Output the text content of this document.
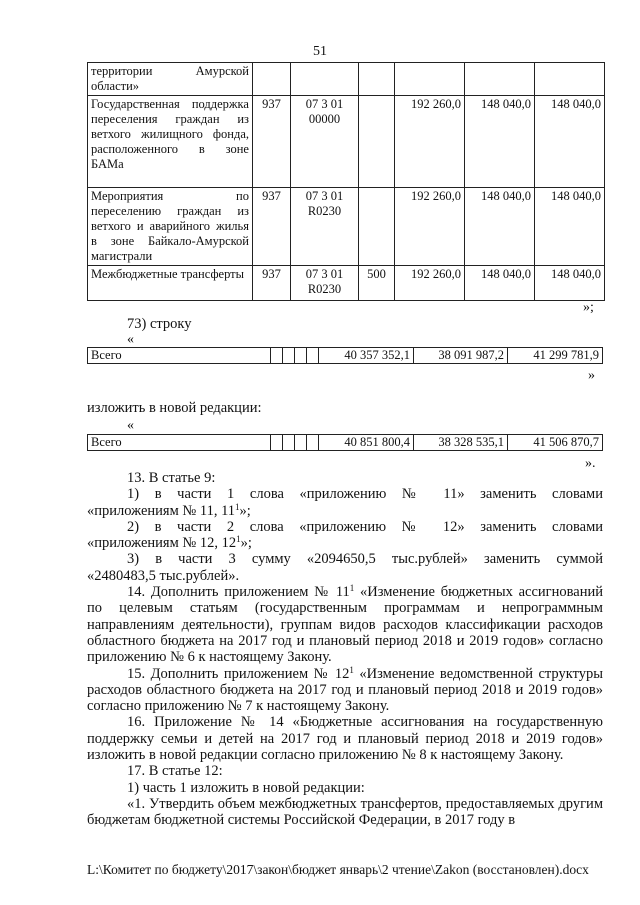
51
территории Амурской области»						
Государственная поддержка переселения граждан из ветхого жилищного фонда, расположенного в зоне БАМа	937	07 3 01 00000		192 260,0	148 040,0	148 040,0
Мероприятия по переселению граждан из ветхого и аварийного жилья в зоне Байкало-Амурской магистрали	937	07 3 01 R0230		192 260,0	148 040,0	148 040,0
Межбюджетные трансферты	937	07 3 01 R0230	500	192 260,0	148 040,0	148 040,0
»;
73) строку
«
Всего					40 357 352,1	38 091 987,2	41 299 781,9
»
изложить в новой редакции:
«
Всего					40 851 800,4	38 328 535,1	41 506 870,7
».

13. В статье 9:

1) в части 1 слова «приложению № 11» заменить словами

«приложениям № 11, $11^1$»;

2) в части 2 слова «приложению № 12» заменить словами

«приложениям № 12, $12^1$»;

3) в части 3 сумму «2094650,5 тыс.рублей» заменить суммой

«2480483,5 тыс.рублей».

14. Дополнить приложением № $11^1$ «Изменение бюджетных ассигнований по целевым статьям (государственным программам и непрограммным направлениям деятельности), группам видов расходов классификации расходов областного бюджета на 2017 год и плановый период 2018 и 2019 годов» согласно приложению № 6 к настоящему Закону.

15. Дополнить приложением № $12^1$ «Изменение ведомственной структуры расходов областного бюджета на 2017 год и плановый период 2018 и 2019 годов» согласно приложению № 7 к настоящему Закону.

16. Приложение № 14 «Бюджетные ассигнования на государственную поддержку семьи и детей на 2017 год и плановый период 2018 и 2019 годов» изложить в новой редакции согласно приложению № 8 к настоящему Закону.

17. В статье 12:

1) часть 1 изложить в новой редакции:

«1. Утвердить объем межбюджетных трансфертов, предоставляемых другим бюджетам бюджетной системы Российской Федерации, в 2017 году в

L:\Комитет по бюджету\2017\закон\бюджет январь\2 чтение\Zakon (восстановлен).docx
